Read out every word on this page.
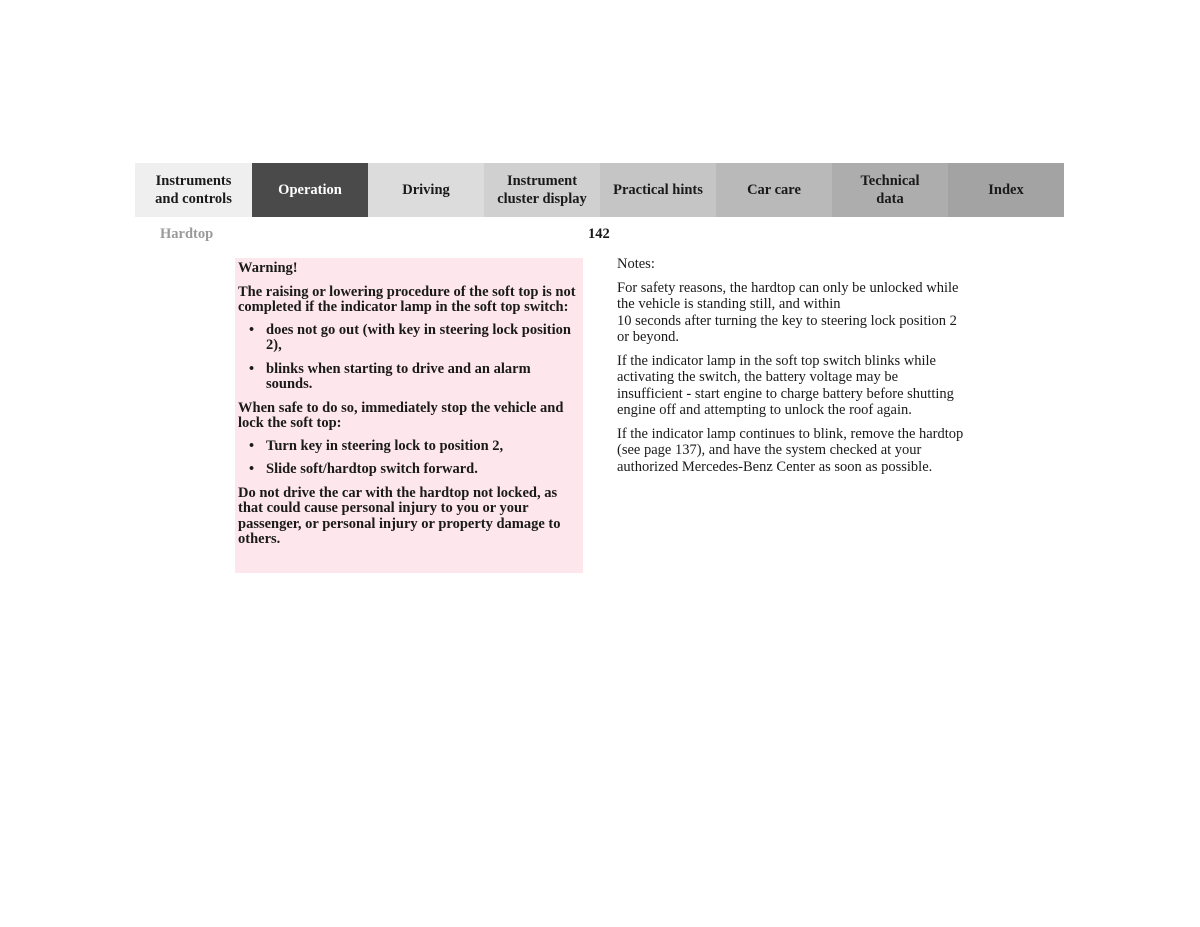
Instruments
and controls
Operation	Driving
Instrument
cluster display
Practical hints	Car care
Technical
data
Index
Hardtop	142

Warning!

The raising or lowering procedure of the soft top is not completed if the indicator lamp in the soft top switch:

• does not go out (with key in steering lock position 2),
• blinks when starting to drive and an alarm sounds.

When safe to do so, immediately stop the vehicle and lock the soft top:

• Turn key in steering lock to position 2,
• Slide soft/hardtop switch forward.

Do not drive the car with the hardtop not locked, as that could cause personal injury to you or your passenger, or personal injury or property damage to others.

Notes:

For safety reasons, the hardtop can only be unlocked while the vehicle is standing still, and within
10 seconds after turning the key to steering lock position 2 or beyond.

If the indicator lamp in the soft top switch blinks while activating the switch, the battery voltage may be insufficient - start engine to charge battery before shutting engine off and attempting to unlock the roof again.

If the indicator lamp continues to blink, remove the hardtop (see page 137), and have the system checked at your authorized Mercedes-Benz Center as soon as possible.
